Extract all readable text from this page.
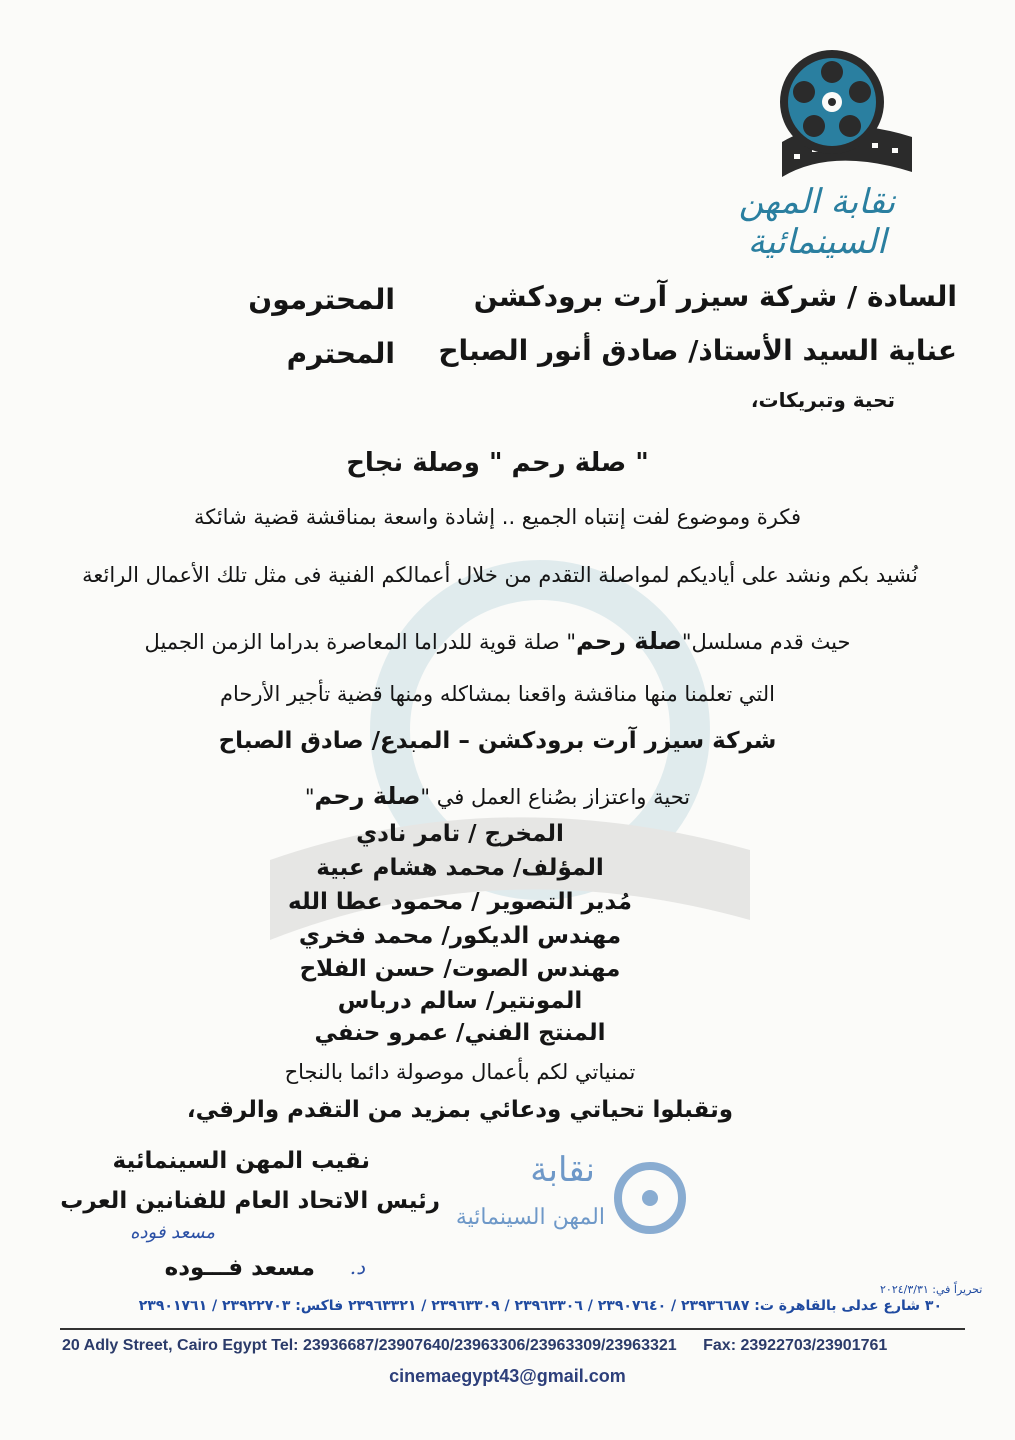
نقابة المهن السينمائية
السادة / شركة سيزر آرت برودكشن
المحترمون
عناية السيد الأستاذ/ صادق أنور الصباح
المحترم
تحية وتبريكات،
" صلة رحم " وصلة نجاح
فكرة وموضوع لفت إنتباه الجميع .. إشادة واسعة بمناقشة قضية شائكة
نُشيد بكم ونشد على أياديكم لمواصلة التقدم من خلال أعمالكم الفنية فى مثل تلك الأعمال الرائعة
حيث قدم مسلسل"صلة رحم" صلة قوية للدراما المعاصرة بدراما الزمن الجميل
التي تعلمنا منها مناقشة واقعنا بمشاكله ومنها قضية تأجير الأرحام
شركة سيزر آرت برودكشن – المبدع/ صادق الصباح
تحية واعتزاز بصُناع العمل في "صلة رحم"
المخرج / تامر نادي
المؤلف/ محمد هشام عبية
مُدير التصوير / محمود عطا الله
مهندس الديكور/ محمد فخري
مهندس الصوت/ حسن الفلاح
المونتير/ سالم درباس
المنتج الفني/ عمرو حنفي
تمنياتي لكم بأعمال موصولة دائما بالنجاح
وتقبلوا تحياتي ودعائي بمزيد من التقدم والرقي،
نقيب المهن السينمائية
رئيس الاتحاد العام للفنانين العرب
مسعد فوده
د.
مسعد فـــوده
نقابة
المهن السينمائية
تحريراً في: ٢٠٢٤/٣/٣١
٣٠ شارع عدلى بالقاهرة ت: ٢٣٩٣٦٦٨٧ / ٢٣٩٠٧٦٤٠ / ٢٣٩٦٣٣٠٦ / ٢٣٩٦٣٣٠٩ / ٢٣٩٦٣٣٢١ فاكس: ٢٣٩٢٢٧٠٣ / ٢٣٩٠١٧٦١
20 Adly Street, Cairo Egypt Tel: 23936687/23907640/23963306/23963309/23963321 Fax: 23922703/23901761
cinemaegypt43@gmail.com
